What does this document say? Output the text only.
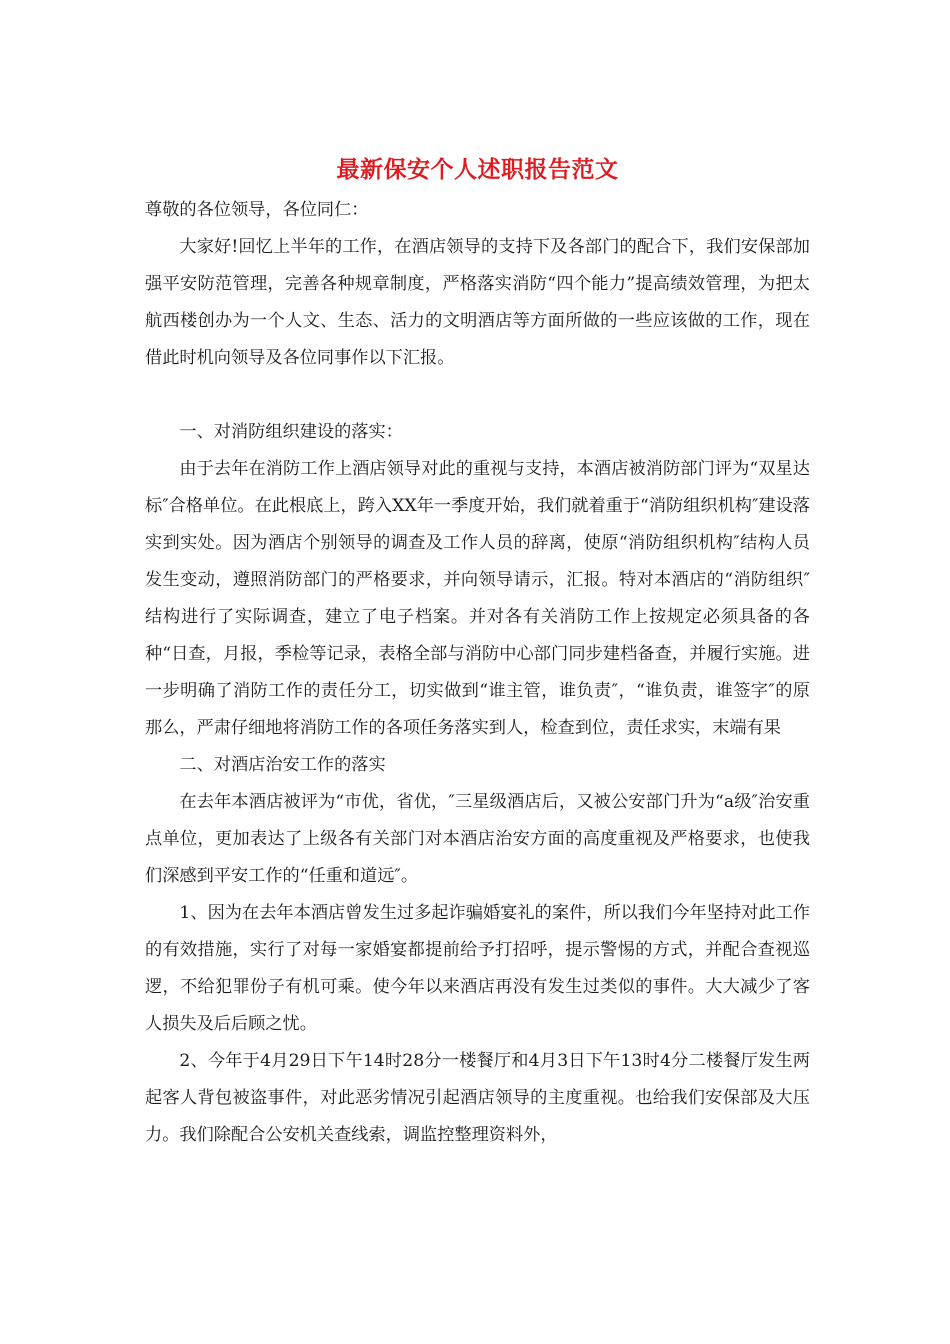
最新保安个人述职报告范文

尊敬的各位领导，各位同仁：

大家好!回忆上半年的工作，在酒店领导的支持下及各部门的配合下，我们安保部加强平安防范管理，完善各种规章制度，严格落实消防“四个能力”提高绩效管理，为把太航西楼创办为一个人文、生态、活力的文明酒店等方面所做的一些应该做的工作，现在借此时机向领导及各位同事作以下汇报。

一、对消防组织建设的落实：

由于去年在消防工作上酒店领导对此的重视与支持，本酒店被消防部门评为“双星达标″合格单位。在此根底上，跨入XX年一季度开始，我们就着重于“消防组织机构″建设落实到实处。因为酒店个别领导的调查及工作人员的辞离，使原“消防组织机构″结构人员发生变动，遵照消防部门的严格要求，并向领导请示，汇报。特对本酒店的“消防组织″结构进行了实际调查，建立了电子档案。并对各有关消防工作上按规定必须具备的各种“日查，月报，季检等记录，表格全部与消防中心部门同步建档备查，并履行实施。进一步明确了消防工作的责任分工，切实做到“谁主管，谁负责″，“谁负责，谁签字″的原那么，严肃仔细地将消防工作的各项任务落实到人，检查到位，责任求实，末端有果

二、对酒店治安工作的落实

在去年本酒店被评为“市优，省优，″三星级酒店后，又被公安部门升为“a级″治安重点单位，更加表达了上级各有关部门对本酒店治安方面的高度重视及严格要求，也使我们深感到平安工作的“任重和道远″。

1、因为在去年本酒店曾发生过多起诈骗婚宴礼的案件，所以我们今年坚持对此工作的有效措施，实行了对每一家婚宴都提前给予打招呼，提示警惕的方式，并配合查视巡逻，不给犯罪份子有机可乘。使今年以来酒店再没有发生过类似的事件。大大减少了客人损失及后后顾之忧。

2、今年于4月29日下午14时28分一楼餐厅和4月3日下午13时4分二楼餐厅发生两起客人背包被盗事件，对此恶劣情况引起酒店领导的主度重视。也给我们安保部及大压力。我们除配合公安机关查线索，调监控整理资料外，
